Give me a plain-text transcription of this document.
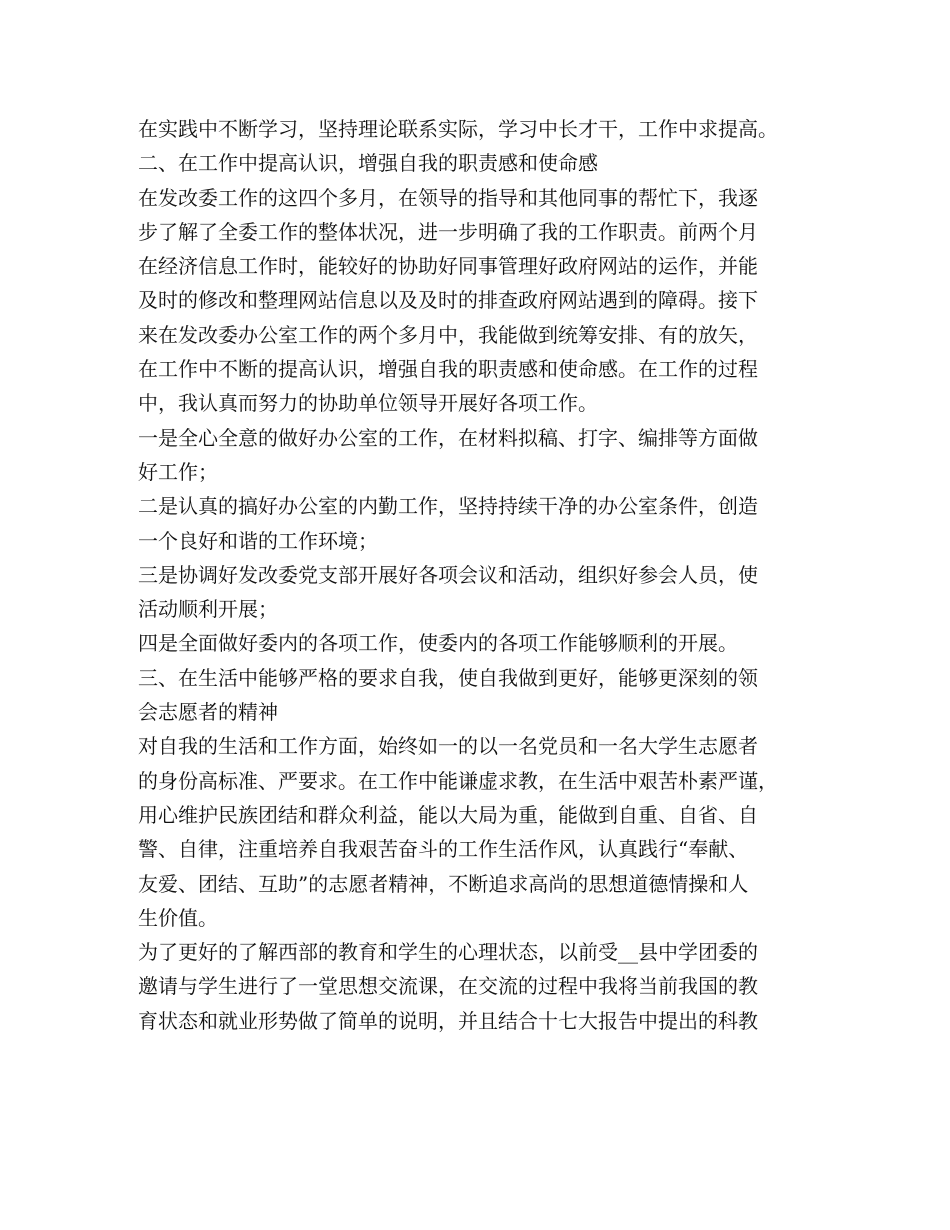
在实践中不断学习，坚持理论联系实际，学习中长才干，工作中求提高。
二、在工作中提高认识，增强自我的职责感和使命感
在发改委工作的这四个多月，在领导的指导和其他同事的帮忙下，我逐
步了解了全委工作的整体状况，进一步明确了我的工作职责。前两个月
在经济信息工作时，能较好的协助好同事管理好政府网站的运作，并能
及时的修改和整理网站信息以及及时的排查政府网站遇到的障碍。接下
来在发改委办公室工作的两个多月中，我能做到统筹安排、有的放矢，
在工作中不断的提高认识，增强自我的职责感和使命感。在工作的过程
中，我认真而努力的协助单位领导开展好各项工作。
一是全心全意的做好办公室的工作，在材料拟稿、打字、编排等方面做
好工作；
二是认真的搞好办公室的内勤工作，坚持持续干净的办公室条件，创造
一个良好和谐的工作环境；
三是协调好发改委党支部开展好各项会议和活动，组织好参会人员，使
活动顺利开展；
四是全面做好委内的各项工作，使委内的各项工作能够顺利的开展。
三、在生活中能够严格的要求自我，使自我做到更好，能够更深刻的领
会志愿者的精神
对自我的生活和工作方面，始终如一的以一名党员和一名大学生志愿者
的身份高标准、严要求。在工作中能谦虚求教，在生活中艰苦朴素严谨，
用心维护民族团结和群众利益，能以大局为重，能做到自重、自省、自
警、自律，注重培养自我艰苦奋斗的工作生活作风，认真践行“奉献、
友爱、团结、互助”的志愿者精神，不断追求高尚的思想道德情操和人
生价值。
为了更好的了解西部的教育和学生的心理状态，以前受__县中学团委的
邀请与学生进行了一堂思想交流课，在交流的过程中我将当前我国的教
育状态和就业形势做了简单的说明，并且结合十七大报告中提出的科教
